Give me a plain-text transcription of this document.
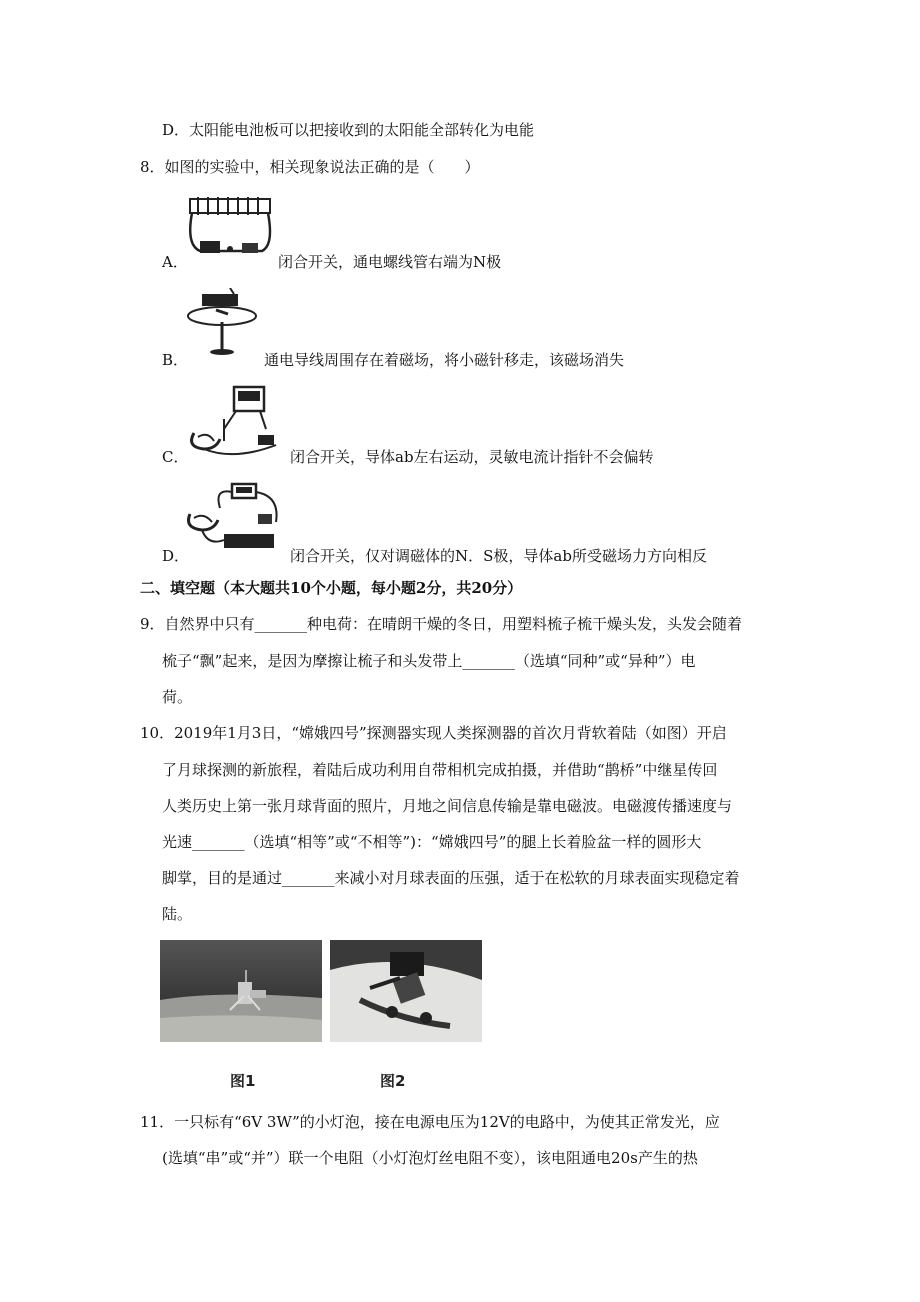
D．太阳能电池板可以把接收到的太阳能全部转化为电能
8．如图的实验中，相关现象说法正确的是（　　）
A．	闭合开关，通电螺线管右端为N极
B．	通电导线周围存在着磁场，将小磁针移走，该磁场消失
C．	闭合开关，导体ab左右运动，灵敏电流计指针不会偏转
D．	闭合开关，仅对调磁体的N．S极，导体ab所受磁场力方向相反
二、填空题（本大题共10个小题，每小题2分，共20分）
9．自然界中只有_______种电荷：在晴朗干燥的冬日，用塑料梳子梳干燥头发，头发会随着
梳子“飘”起来，是因为摩擦让梳子和头发带上_______（选填“同种”或“异种”）电
荷。
10．2019年1月3日，“嫦娥四号”探测器实现人类探测器的首次月背软着陆（如图）开启
了月球探测的新旅程，着陆后成功利用自带相机完成拍摄，并借助“鹊桥”中继星传回
人类历史上第一张月球背面的照片，月地之间信息传输是靠电磁波。电磁渡传播速度与
光速_______（选填“相等”或“不相等”)：“嫦娥四号”的腿上长着脸盆一样的圆形大
脚掌，目的是通过_______来减小对月球表面的压强，适于在松软的月球表面实现稳定着
陆。
图1	图2
11．一只标有“6V 3W”的小灯泡，接在电源电压为12V的电路中，为使其正常发光，应
(选填“串”或“并”）联一个电阻（小灯泡灯丝电阻不变），该电阻通电20s产生的热
